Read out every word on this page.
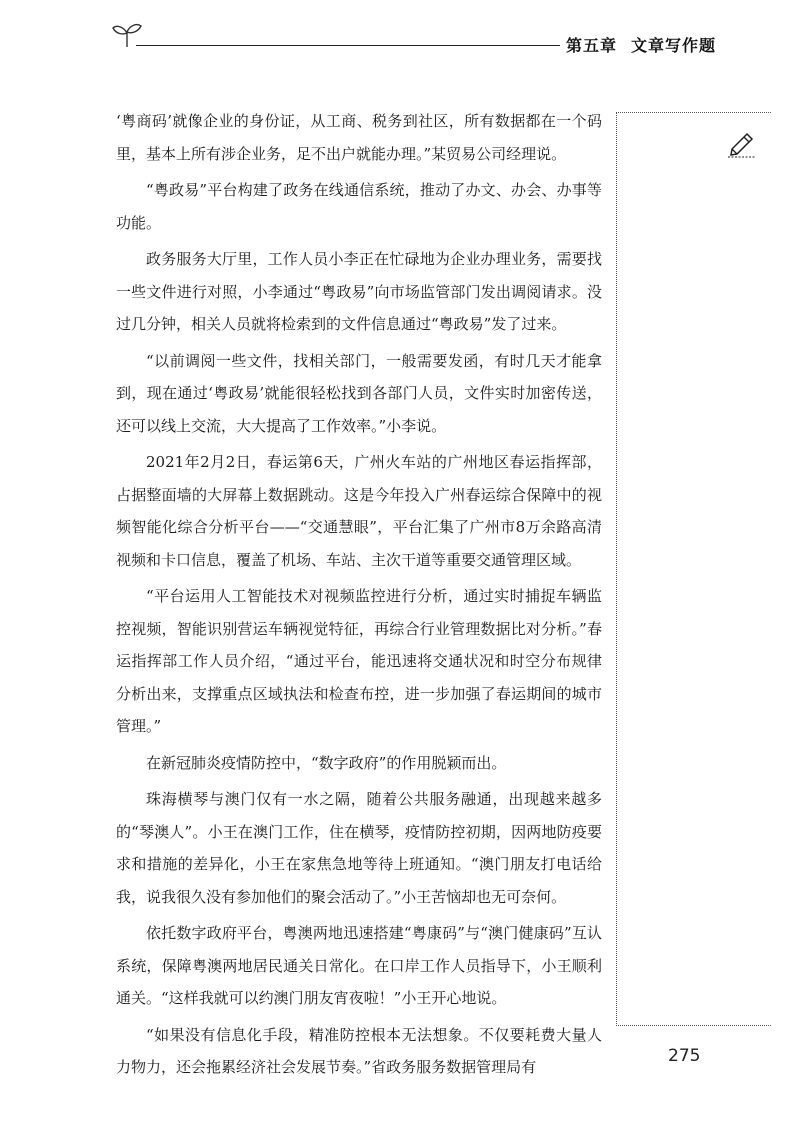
第五章 文章写作题

‘粤商码’就像企业的身份证，从工商、税务到社区，所有数据都在一个码里，基本上所有涉企业务，足不出户就能办理。”某贸易公司经理说。

“粤政易”平台构建了政务在线通信系统，推动了办文、办会、办事等功能。

政务服务大厅里，工作人员小李正在忙碌地为企业办理业务，需要找一些文件进行对照，小李通过“粤政易”向市场监管部门发出调阅请求。没过几分钟，相关人员就将检索到的文件信息通过“粤政易”发了过来。

“以前调阅一些文件，找相关部门，一般需要发函，有时几天才能拿到，现在通过‘粤政易’就能很轻松找到各部门人员，文件实时加密传送，还可以线上交流，大大提高了工作效率。”小李说。

2021年2月2日，春运第6天，广州火车站的广州地区春运指挥部，占据整面墙的大屏幕上数据跳动。这是今年投入广州春运综合保障中的视频智能化综合分析平台——“交通慧眼”，平台汇集了广州市8万余路高清视频和卡口信息，覆盖了机场、车站、主次干道等重要交通管理区域。

“平台运用人工智能技术对视频监控进行分析，通过实时捕捉车辆监控视频，智能识别营运车辆视觉特征，再综合行业管理数据比对分析。”春运指挥部工作人员介绍，“通过平台，能迅速将交通状况和时空分布规律分析出来，支撑重点区域执法和检查布控，进一步加强了春运期间的城市管理。”

在新冠肺炎疫情防控中，“数字政府”的作用脱颖而出。

珠海横琴与澳门仅有一水之隔，随着公共服务融通，出现越来越多的“琴澳人”。小王在澳门工作，住在横琴，疫情防控初期，因两地防疫要求和措施的差异化，小王在家焦急地等待上班通知。“澳门朋友打电话给我，说我很久没有参加他们的聚会活动了。”小王苦恼却也无可奈何。

依托数字政府平台，粤澳两地迅速搭建“粤康码”与“澳门健康码”互认系统，保障粤澳两地居民通关日常化。在口岸工作人员指导下，小王顺利通关。“这样我就可以约澳门朋友宵夜啦！”小王开心地说。

“如果没有信息化手段，精准防控根本无法想象。不仅要耗费大量人力物力，还会拖累经济社会发展节奏。”省政务服务数据管理局有

275
